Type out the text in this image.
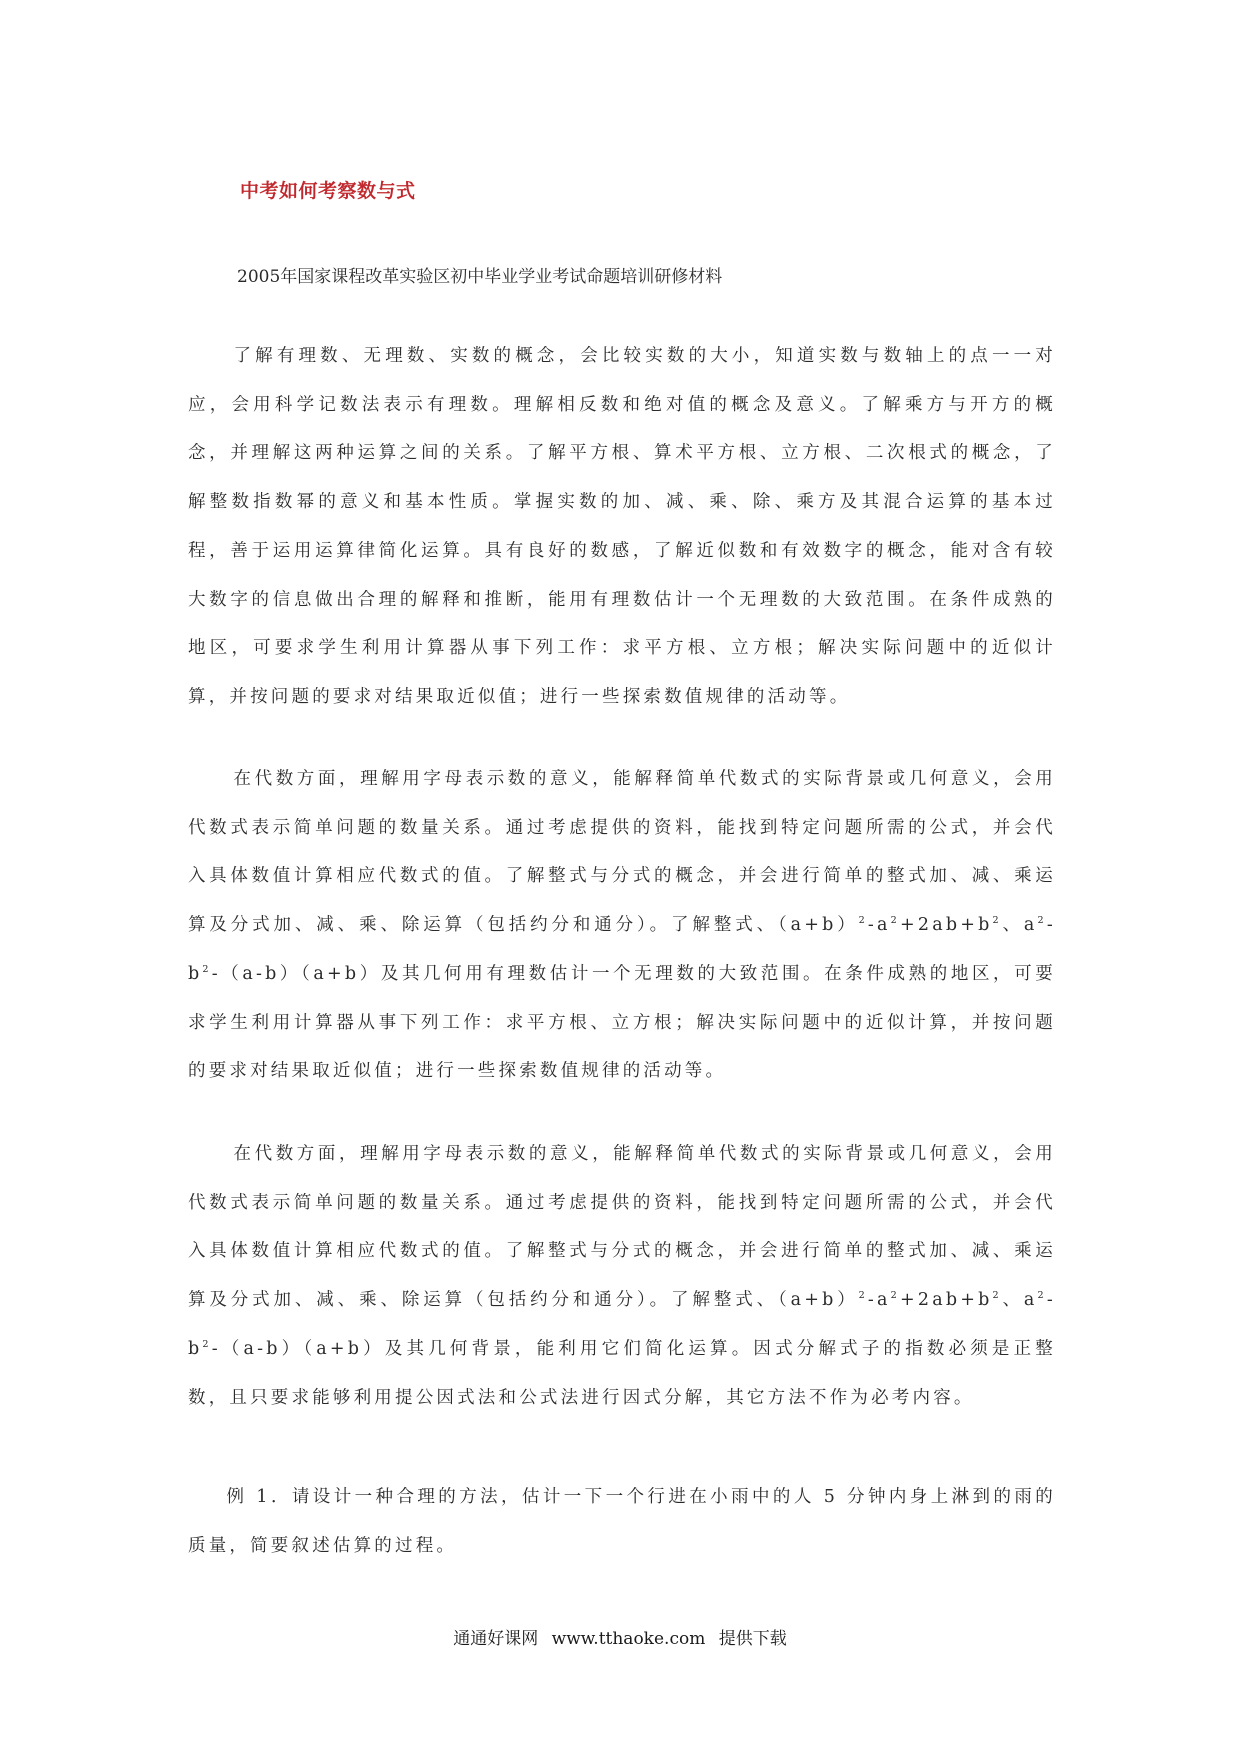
中考如何考察数与式
2005年国家课程改革实验区初中毕业学业考试命题培训研修材料

了解有理数、无理数、实数的概念，会比较实数的大小，知道实数与数轴上的点一一对应，会用科学记数法表示有理数。理解相反数和绝对值的概念及意义。了解乘方与开方的概念，并理解这两种运算之间的关系。了解平方根、算术平方根、立方根、二次根式的概念，了解整数指数幂的意义和基本性质。掌握实数的加、减、乘、除、乘方及其混合运算的基本过程，善于运用运算律简化运算。具有良好的数感，了解近似数和有效数字的概念，能对含有较大数字的信息做出合理的解释和推断，能用有理数估计一个无理数的大致范围。在条件成熟的地区，可要求学生利用计算器从事下列工作：求平方根、立方根；解决实际问题中的近似计算，并按问题的要求对结果取近似值；进行一些探索数值规律的活动等。

在代数方面，理解用字母表示数的意义，能解释简单代数式的实际背景或几何意义，会用代数式表示简单问题的数量关系。通过考虑提供的资料，能找到特定问题所需的公式，并会代入具体数值计算相应代数式的值。了解整式与分式的概念，并会进行简单的整式加、减、乘运算及分式加、减、乘、除运算（包括约分和通分）。了解整式、$(a+b)^2-a^2+2ab+b^2$、$a^2-b^2-(a-b)(a+b)$及其几何用有理数估计一个无理数的大致范围。在条件成熟的地区，可要求学生利用计算器从事下列工作：求平方根、立方根；解决实际问题中的近似计算，并按问题的要求对结果取近似值；进行一些探索数值规律的活动等。

在代数方面，理解用字母表示数的意义，能解释简单代数式的实际背景或几何意义，会用代数式表示简单问题的数量关系。通过考虑提供的资料，能找到特定问题所需的公式，并会代入具体数值计算相应代数式的值。了解整式与分式的概念，并会进行简单的整式加、减、乘运算及分式加、减、乘、除运算（包括约分和通分）。了解整式、$(a+b)^2-a^2+2ab+b^2$、$a^2-b^2-(a-b)(a+b)$及其几何背景，能利用它们简化运算。因式分解式子的指数必须是正整数，且只要求能够利用提公因式法和公式法进行因式分解，其它方法不作为必考内容。

例 1．请设计一种合理的方法，估计一下一个行进在小雨中的人 5 分钟内身上淋到的雨的质量，简要叙述估算的过程。

通通好课网 www.tthaoke.com 提供下载
